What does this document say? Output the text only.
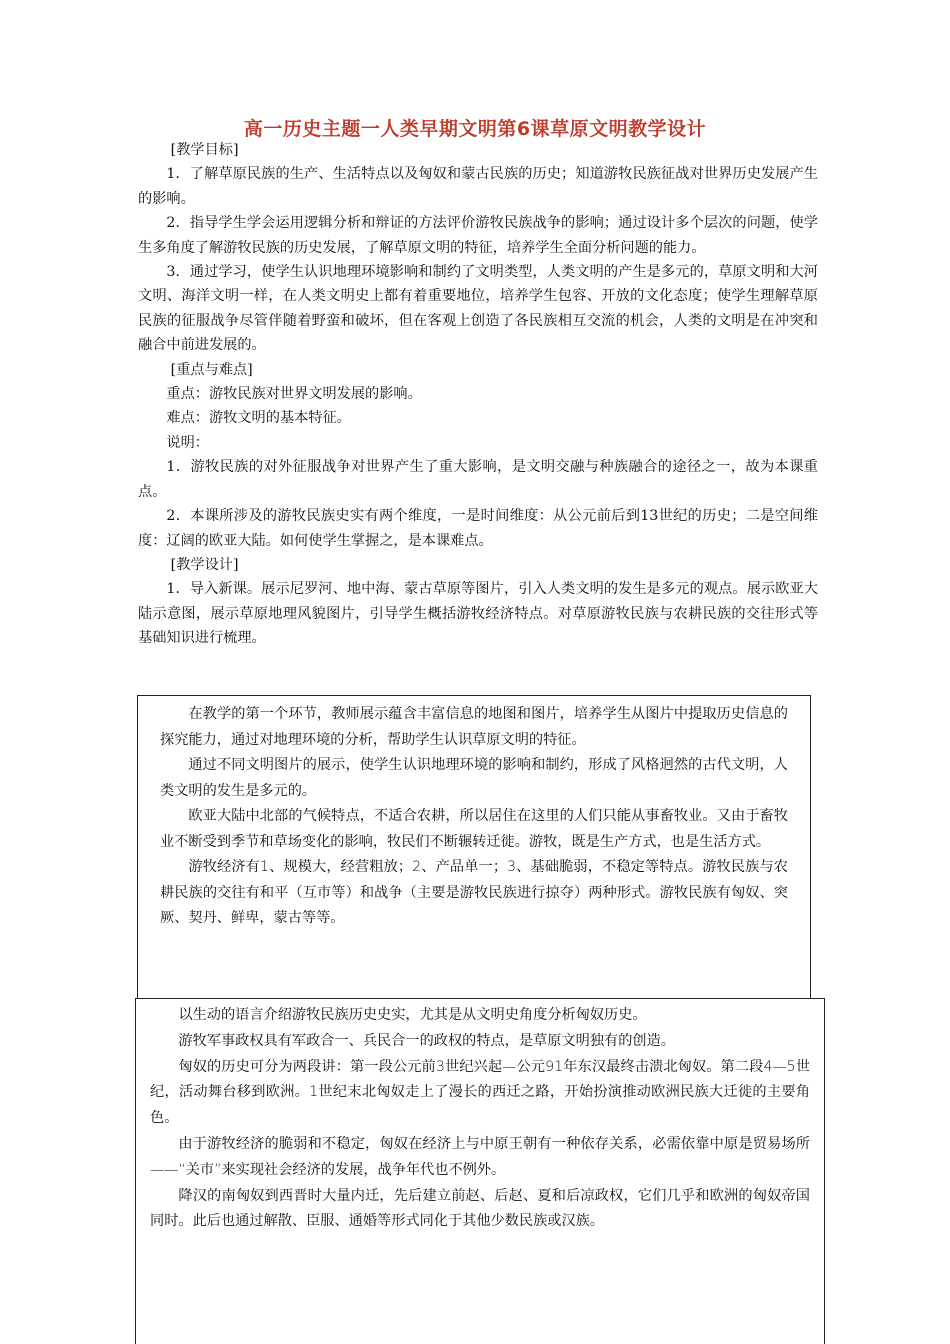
高一历史主题一人类早期文明第6课草原文明教学设计

[教学目标]

1．了解草原民族的生产、生活特点以及匈奴和蒙古民族的历史；知道游牧民族征战对世界历史发展产生的影响。

2．指导学生学会运用逻辑分析和辩证的方法评价游牧民族战争的影响；通过设计多个层次的问题，使学生多角度了解游牧民族的历史发展，了解草原文明的特征，培养学生全面分析问题的能力。

3．通过学习，使学生认识地理环境影响和制约了文明类型，人类文明的产生是多元的，草原文明和大河文明、海洋文明一样，在人类文明史上都有着重要地位，培养学生包容、开放的文化态度；使学生理解草原民族的征服战争尽管伴随着野蛮和破坏，但在客观上创造了各民族相互交流的机会，人类的文明是在冲突和融合中前进发展的。

[重点与难点]

重点：游牧民族对世界文明发展的影响。

难点：游牧文明的基本特征。

说明：

1．游牧民族的对外征服战争对世界产生了重大影响，是文明交融与种族融合的途径之一，故为本课重点。

2．本课所涉及的游牧民族史实有两个维度，一是时间维度：从公元前后到13世纪的历史；二是空间维度：辽阔的欧亚大陆。如何使学生掌握之，是本课难点。

[教学设计]

1．导入新课。展示尼罗河、地中海、蒙古草原等图片，引入人类文明的发生是多元的观点。展示欧亚大陆示意图，展示草原地理风貌图片，引导学生概括游牧经济特点。对草原游牧民族与农耕民族的交往形式等基础知识进行梳理。

在教学的第一个环节，教师展示蕴含丰富信息的地图和图片，培养学生从图片中提取历史信息的探究能力，通过对地理环境的分析，帮助学生认识草原文明的特征。

通过不同文明图片的展示，使学生认识地理环境的影响和制约，形成了风格迥然的古代文明，人类文明的发生是多元的。

欧亚大陆中北部的气候特点，不适合农耕，所以居住在这里的人们只能从事畜牧业。又由于畜牧业不断受到季节和草场变化的影响，牧民们不断辗转迁徙。游牧，既是生产方式，也是生活方式。

游牧经济有1、规模大，经营粗放；2、产品单一；3、基础脆弱，不稳定等特点。游牧民族与农耕民族的交往有和平（互市等）和战争（主要是游牧民族进行掠夺）两种形式。游牧民族有匈奴、突厥、契丹、鲜卑，蒙古等等。

以生动的语言介绍游牧民族历史史实，尤其是从文明史角度分析匈奴历史。

游牧军事政权具有军政合一、兵民合一的政权的特点，是草原文明独有的创造。

匈奴的历史可分为两段讲：第一段公元前3世纪兴起—公元91年东汉最终击溃北匈奴。第二段4—5世纪，活动舞台移到欧洲。1世纪末北匈奴走上了漫长的西迁之路，开始扮演推动欧洲民族大迁徙的主要角色。

由于游牧经济的脆弱和不稳定，匈奴在经济上与中原王朝有一种依存关系，必需依靠中原是贸易场所——“关市”来实现社会经济的发展，战争年代也不例外。

降汉的南匈奴到西晋时大量内迁，先后建立前赵、后赵、夏和后凉政权，它们几乎和欧洲的匈奴帝国同时。此后也通过解散、臣服、通婚等形式同化于其他少数民族或汉族。
